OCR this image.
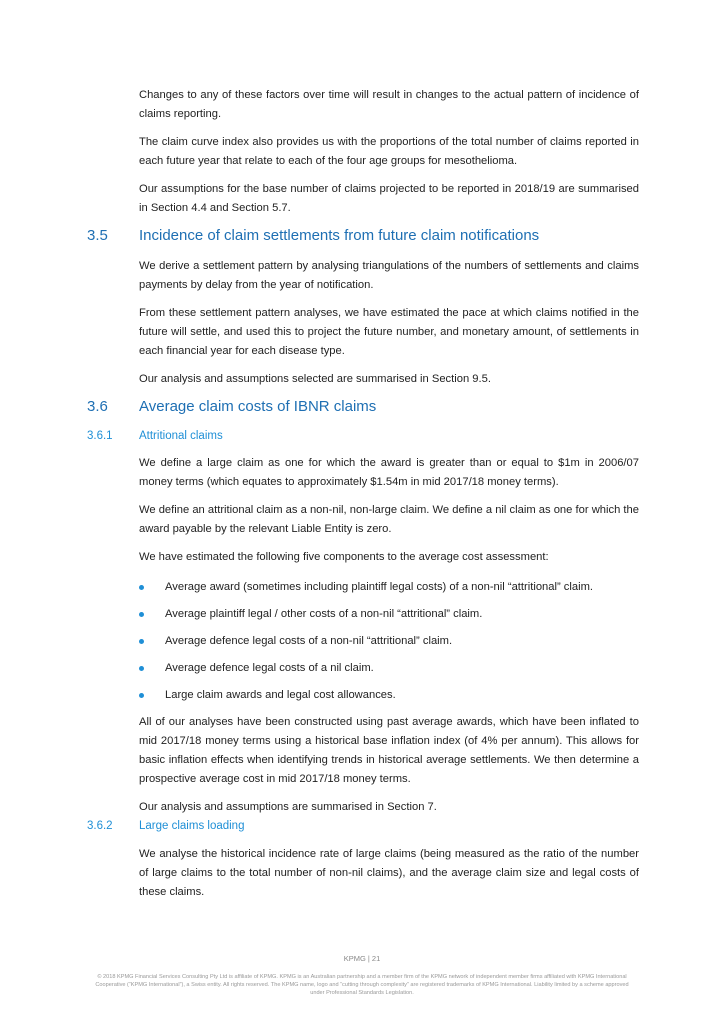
Changes to any of these factors over time will result in changes to the actual pattern of incidence of claims reporting.

The claim curve index also provides us with the proportions of the total number of claims reported in each future year that relate to each of the four age groups for mesothelioma.

Our assumptions for the base number of claims projected to be reported in 2018/19 are summarised in Section 4.4 and Section 5.7.

3.5 Incidence of claim settlements from future claim notifications

We derive a settlement pattern by analysing triangulations of the numbers of settlements and claims payments by delay from the year of notification.

From these settlement pattern analyses, we have estimated the pace at which claims notified in the future will settle, and used this to project the future number, and monetary amount, of settlements in each financial year for each disease type.

Our analysis and assumptions selected are summarised in Section 9.5.

3.6 Average claim costs of IBNR claims
3.6.1 Attritional claims

We define a large claim as one for which the award is greater than or equal to $1m in 2006/07 money terms (which equates to approximately $1.54m in mid 2017/18 money terms).

We define an attritional claim as a non-nil, non-large claim. We define a nil claim as one for which the award payable by the relevant Liable Entity is zero.

We have estimated the following five components to the average cost assessment:

Average award (sometimes including plaintiff legal costs) of a non-nil “attritional” claim.
Average plaintiff legal / other costs of a non-nil “attritional” claim.
Average defence legal costs of a non-nil “attritional” claim.
Average defence legal costs of a nil claim.
Large claim awards and legal cost allowances.

All of our analyses have been constructed using past average awards, which have been inflated to mid 2017/18 money terms using a historical base inflation index (of 4% per annum). This allows for basic inflation effects when identifying trends in historical average settlements. We then determine a prospective average cost in mid 2017/18 money terms.

Our analysis and assumptions are summarised in Section 7.

3.6.2 Large claims loading

We analyse the historical incidence rate of large claims (being measured as the ratio of the number of large claims to the total number of non-nil claims), and the average claim size and legal costs of these claims.

KPMG | 21
© 2018 KPMG Financial Services Consulting Pty Ltd is affiliate of KPMG. KPMG is an Australian partnership and a member firm of the KPMG network of independent member firms affiliated with KPMG International Cooperative (“KPMG International”), a Swiss entity. All rights reserved. The KPMG name, logo and “cutting through complexity” are registered trademarks of KPMG International. Liability limited by a scheme approved under Professional Standards Legislation.
